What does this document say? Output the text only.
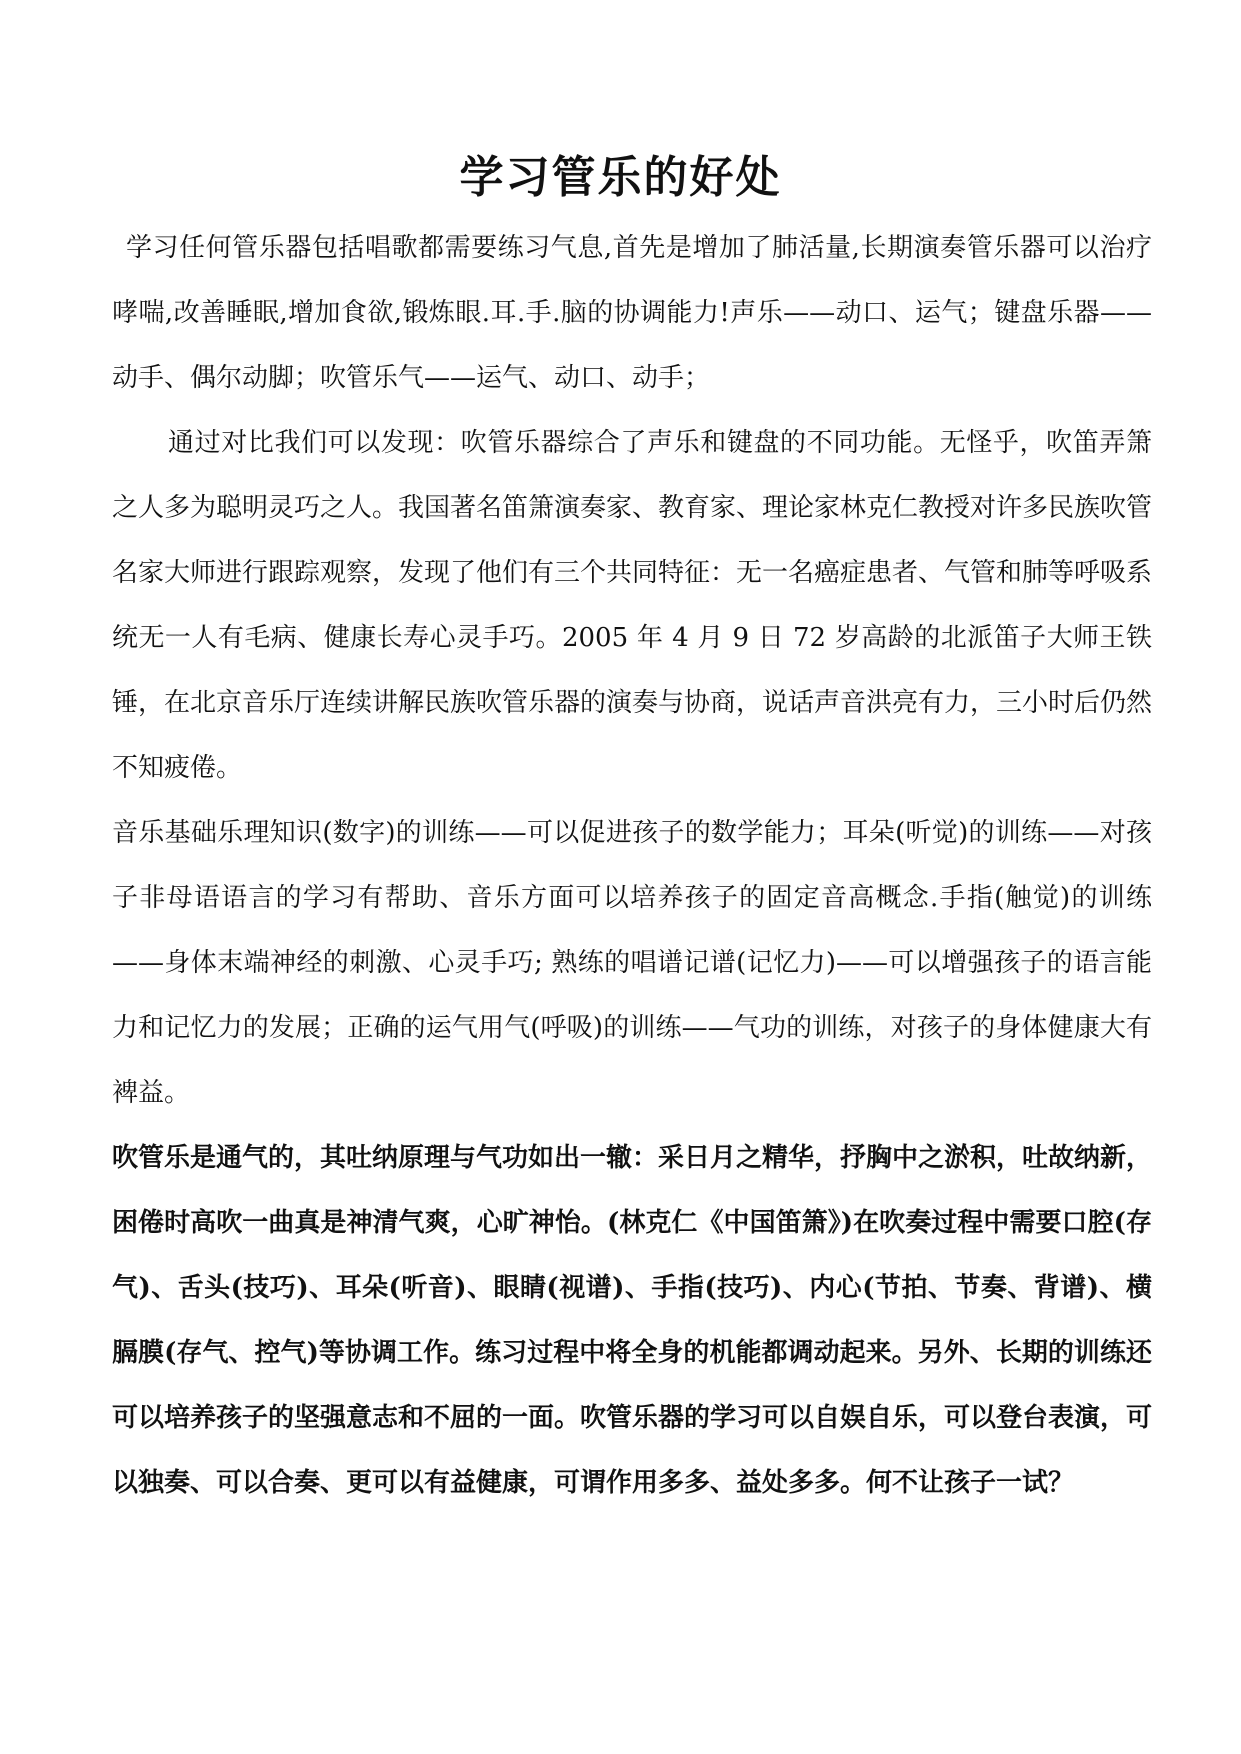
学习管乐的好处

学习任何管乐器包括唱歌都需要练习气息,首先是增加了肺活量,长期演奏管乐器可以治疗哮喘,改善睡眠,增加食欲,锻炼眼.耳.手.脑的协调能力!声乐——动口、运气；键盘乐器——动手、偶尔动脚；吹管乐气——运气、动口、动手；

通过对比我们可以发现：吹管乐器综合了声乐和键盘的不同功能。无怪乎，吹笛弄箫之人多为聪明灵巧之人。我国著名笛箫演奏家、教育家、理论家林克仁教授对许多民族吹管名家大师进行跟踪观察，发现了他们有三个共同特征：无一名癌症患者、气管和肺等呼吸系统无一人有毛病、健康长寿心灵手巧。2005 年 4 月 9 日 72 岁高龄的北派笛子大师王铁锤，在北京音乐厅连续讲解民族吹管乐器的演奏与协商，说话声音洪亮有力，三小时后仍然不知疲倦。

音乐基础乐理知识(数字)的训练——可以促进孩子的数学能力；耳朵(听觉)的训练——对孩子非母语语言的学习有帮助、音乐方面可以培养孩子的固定音高概念.手指(触觉)的训练——身体末端神经的刺激、心灵手巧; 熟练的唱谱记谱(记忆力)——可以增强孩子的语言能力和记忆力的发展；正确的运气用气(呼吸)的训练——气功的训练，对孩子的身体健康大有裨益。

吹管乐是通气的，其吐纳原理与气功如出一辙：采日月之精华，抒胸中之淤积，吐故纳新，困倦时高吹一曲真是神清气爽，心旷神怡。(林克仁《中国笛箫》)在吹奏过程中需要口腔(存气)、舌头(技巧)、耳朵(听音)、眼睛(视谱)、手指(技巧)、内心(节拍、节奏、背谱)、横膈膜(存气、控气)等协调工作。练习过程中将全身的机能都调动起来。另外、长期的训练还可以培养孩子的坚强意志和不屈的一面。吹管乐器的学习可以自娱自乐，可以登台表演，可以独奏、可以合奏、更可以有益健康，可谓作用多多、益处多多。何不让孩子一试？
